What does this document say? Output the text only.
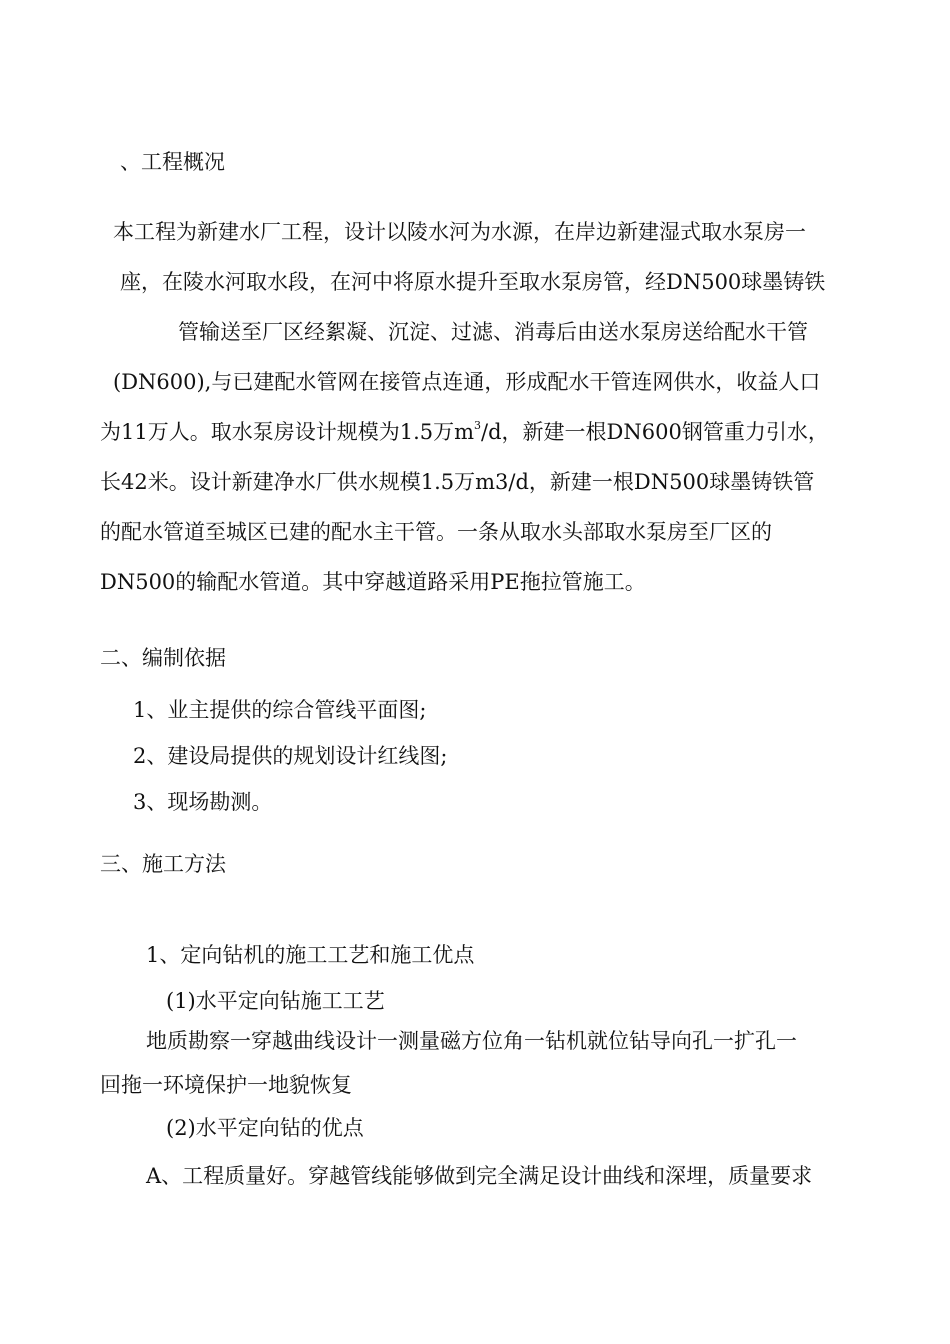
、工程概况
本工程为新建水厂工程，设计以陵水河为水源，在岸边新建湿式取水泵房一
座，在陵水河取水段，在河中将原水提升至取水泵房管，经DN500球墨铸铁
管输送至厂区经絮凝、沉淀、过滤、消毒后由送水泵房送给配水干管
(DN600),与已建配水管网在接管点连通，形成配水干管连网供水，收益人口
为11万人。取水泵房设计规模为1.5万$m^3/d$，新建一根DN600钢管重力引水，
长42米。设计新建净水厂供水规模1.5万m3/d，新建一根DN500球墨铸铁管
的配水管道至城区已建的配水主干管。一条从取水头部取水泵房至厂区的
DN500的输配水管道。其中穿越道路采用PE拖拉管施工。
二、编制依据
1、业主提供的综合管线平面图;
2、建设局提供的规划设计红线图;
3、现场勘测。
三、施工方法
1、定向钻机的施工工艺和施工优点
(1)水平定向钻施工工艺
地质勘察一穿越曲线设计一测量磁方位角一钻机就位钻导向孔一扩孔一
回拖一环境保护一地貌恢复
(2)水平定向钻的优点
A、工程质量好。穿越管线能够做到完全满足设计曲线和深埋，质量要求
